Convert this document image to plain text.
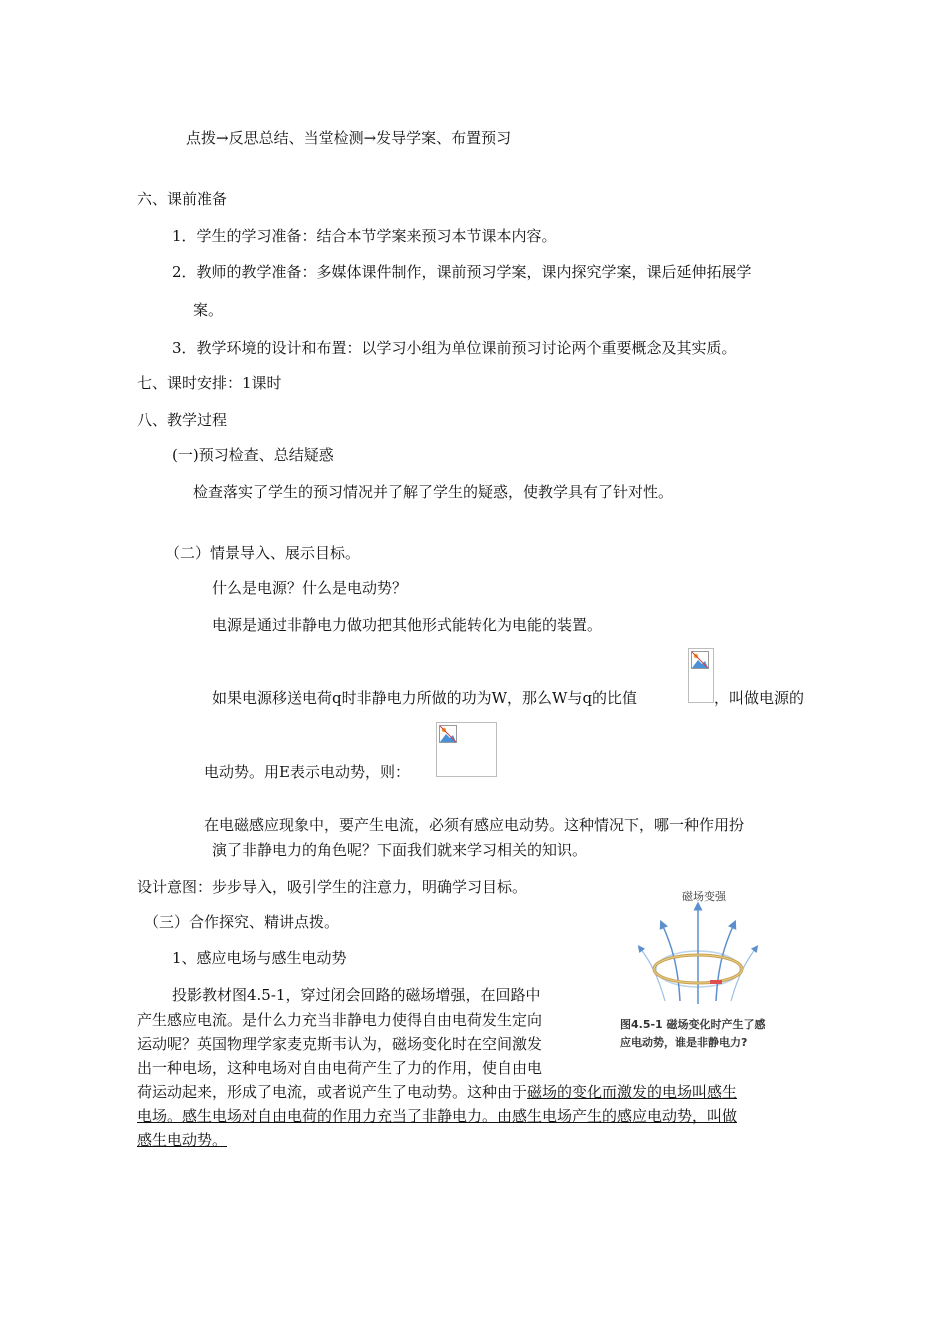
点拨→反思总结、当堂检测→发导学案、布置预习
六、课前准备
1．学生的学习准备：结合本节学案来预习本节课本内容。
2．教师的教学准备：多媒体课件制作，课前预习学案，课内探究学案，课后延伸拓展学
案。
3．教学环境的设计和布置：以学习小组为单位课前预习讨论两个重要概念及其实质。
七、课时安排：1课时
八、教学过程
(一)预习检查、总结疑惑
检查落实了学生的预习情况并了解了学生的疑惑，使教学具有了针对性。
（二）情景导入、展示目标。
什么是电源？什么是电动势？
电源是通过非静电力做功把其他形式能转化为电能的装置。
如果电源移送电荷q时非静电力所做的功为W，那么W与q的比值	，叫做电源的
电动势。用E表示电动势，则：
在电磁感应现象中，要产生电流，必须有感应电动势。这种情况下，哪一种作用扮
演了非静电力的角色呢？下面我们就来学习相关的知识。
设计意图：步步导入，吸引学生的注意力，明确学习目标。
（三）合作探究、精讲点拨。
1、感应电场与感生电动势
投影教材图4.5-1，穿过闭会回路的磁场增强，在回路中
产生感应电流。是什么力充当非静电力使得自由电荷发生定向
运动呢？英国物理学家麦克斯韦认为，磁场变化时在空间激发
出一种电场，这种电场对自由电荷产生了力的作用，使自由电
荷运动起来，形成了电流，或者说产生了电动势。这种由于磁场的变化而激发的电场叫感生
电场。感生电场对自由电荷的作用力充当了非静电力。由感生电场产生的感应电动势，叫做
感生电动势。
磁场变强
图4.5-1 磁场变化时产生了感
应电动势，谁是非静电力?
